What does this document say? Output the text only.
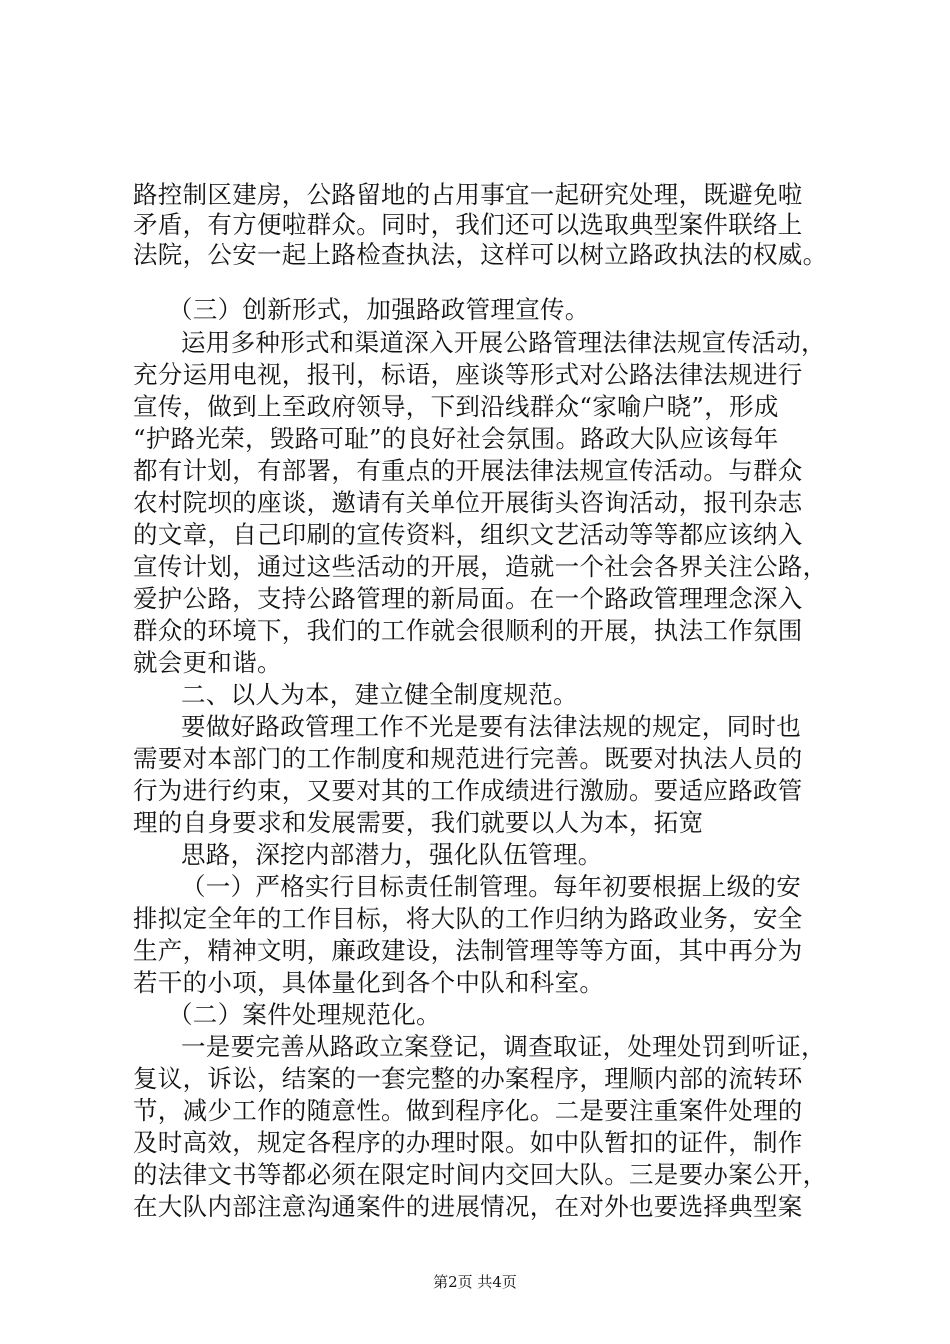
路控制区建房，公路留地的占用事宜一起研究处理，既避免啦
矛盾，有方便啦群众。同时，我们还可以选取典型案件联络上
法院，公安一起上路检查执法，这样可以树立路政执法的权威。
（三）创新形式，加强路政管理宣传。
运用多种形式和渠道深入开展公路管理法律法规宣传活动，
充分运用电视，报刊，标语，座谈等形式对公路法律法规进行
宣传，做到上至政府领导，下到沿线群众“家喻户晓”，形成
“护路光荣，毁路可耻”的良好社会氛围。路政大队应该每年
都有计划，有部署，有重点的开展法律法规宣传活动。与群众
农村院坝的座谈，邀请有关单位开展街头咨询活动，报刊杂志
的文章，自己印刷的宣传资料，组织文艺活动等等都应该纳入
宣传计划，通过这些活动的开展，造就一个社会各界关注公路，
爱护公路，支持公路管理的新局面。在一个路政管理理念深入
群众的环境下，我们的工作就会很顺利的开展，执法工作氛围
就会更和谐。
二、以人为本，建立健全制度规范。
要做好路政管理工作不光是要有法律法规的规定，同时也
需要对本部门的工作制度和规范进行完善。既要对执法人员的
行为进行约束，又要对其的工作成绩进行激励。要适应路政管
理的自身要求和发展需要，我们就要以人为本，拓宽
思路，深挖内部潜力，强化队伍管理。
（一）严格实行目标责任制管理。每年初要根据上级的安
排拟定全年的工作目标，将大队的工作归纳为路政业务，安全
生产，精神文明，廉政建设，法制管理等等方面，其中再分为
若干的小项，具体量化到各个中队和科室。
（二）案件处理规范化。
一是要完善从路政立案登记，调查取证，处理处罚到听证，
复议，诉讼，结案的一套完整的办案程序，理顺内部的流转环
节，减少工作的随意性。做到程序化。二是要注重案件处理的
及时高效，规定各程序的办理时限。如中队暂扣的证件，制作
的法律文书等都必须在限定时间内交回大队。三是要办案公开，
在大队内部注意沟通案件的进展情况，在对外也要选择典型案
第2页 共4页
